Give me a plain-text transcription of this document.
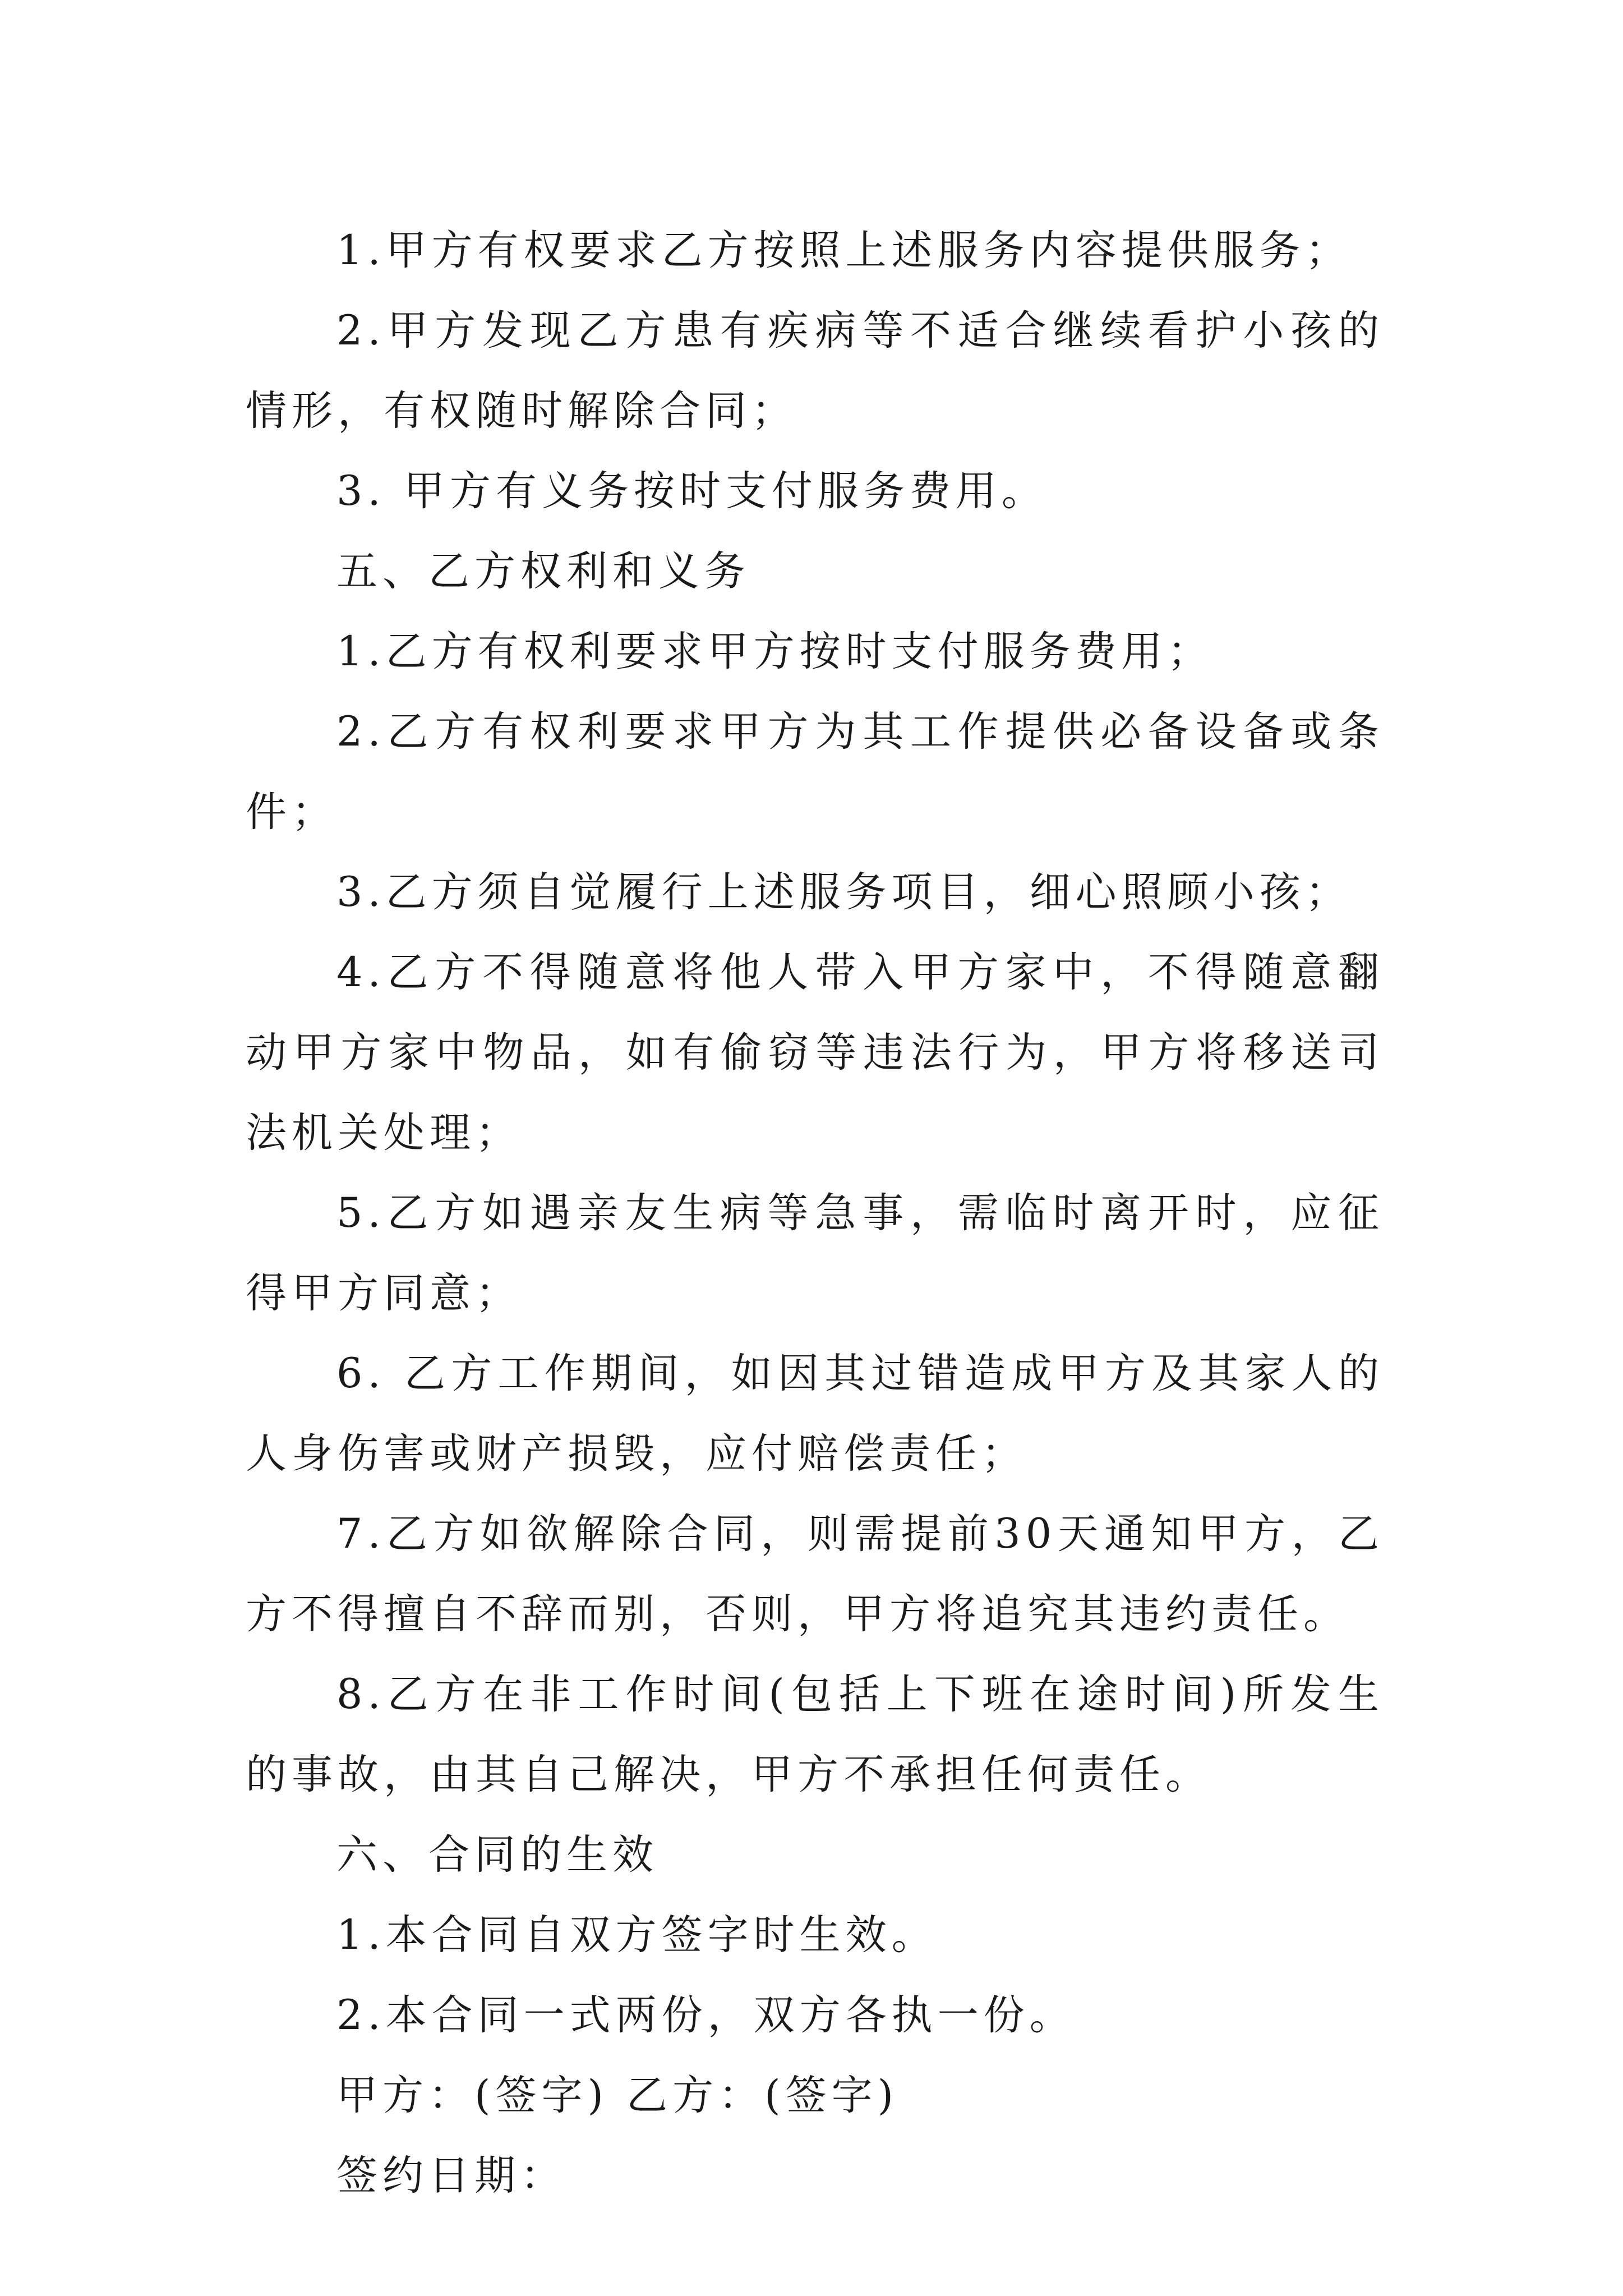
1.甲方有权要求乙方按照上述服务内容提供服务；

2.甲方发现乙方患有疾病等不适合继续看护小孩的情形，有权随时解除合同；

3. 甲方有义务按时支付服务费用。

五、乙方权利和义务

1.乙方有权利要求甲方按时支付服务费用；

2.乙方有权利要求甲方为其工作提供必备设备或条件；

3.乙方须自觉履行上述服务项目，细心照顾小孩；

4.乙方不得随意将他人带入甲方家中，不得随意翻动甲方家中物品，如有偷窃等违法行为，甲方将移送司法机关处理；

5.乙方如遇亲友生病等急事，需临时离开时，应征得甲方同意；

6. 乙方工作期间，如因其过错造成甲方及其家人的人身伤害或财产损毁，应付赔偿责任；

7.乙方如欲解除合同，则需提前30天通知甲方，乙方不得擅自不辞而别，否则，甲方将追究其违约责任。

8.乙方在非工作时间(包括上下班在途时间)所发生的事故，由其自己解决，甲方不承担任何责任。

六、合同的生效

1.本合同自双方签字时生效。

2.本合同一式两份，双方各执一份。

甲方：(签字) 乙方：(签字)

签约日期：
